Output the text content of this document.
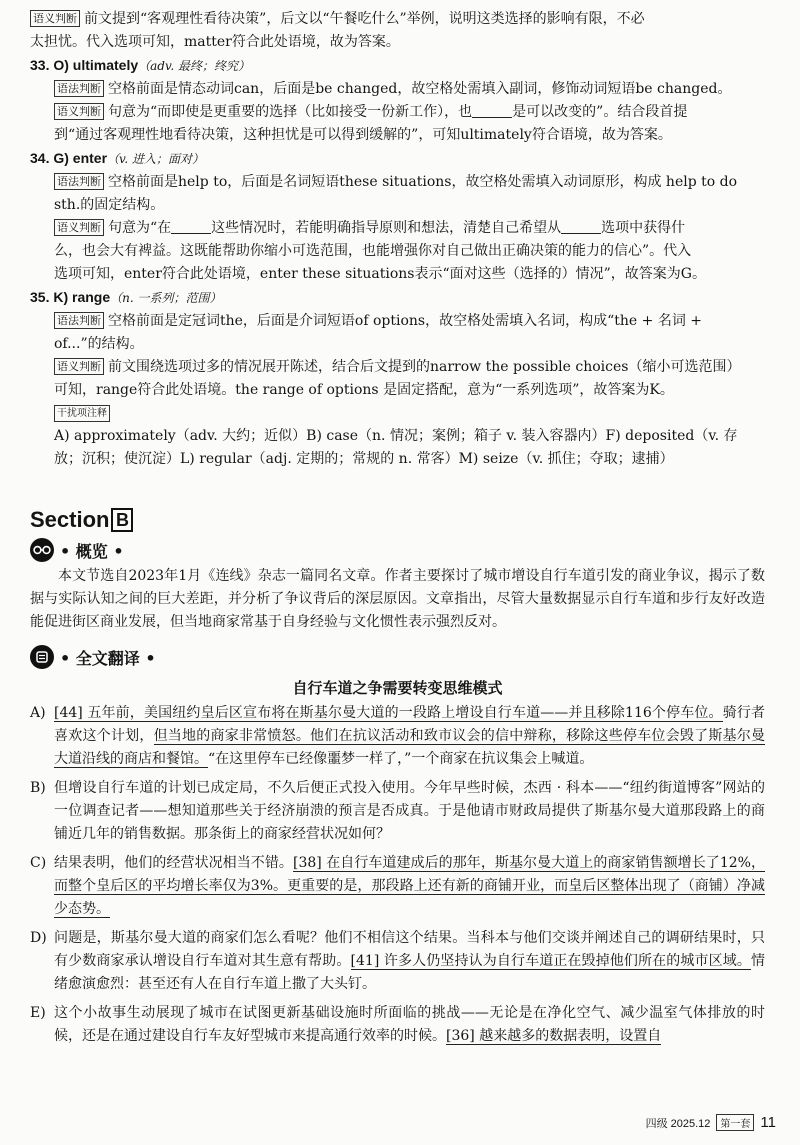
语义判断 前文提到“客观理性看待决策”，后文以“午餐吃什么”举例，说明这类选择的影响有限，不必
太担忧。代入选项可知，matter符合此处语境，故为答案。
33. O) ultimately（adv. 最终；终究）
语法判断 空格前面是情态动词can，后面是be changed，故空格处需填入副词，修饰动词短语be changed。
语义判断 句意为“而即使是更重要的选择（比如接受一份新工作），也	是可以改变的”。结合段首提
到“通过客观理性地看待决策，这种担忧是可以得到缓解的”，可知ultimately符合语境，故为答案。
34. G) enter（v. 进入；面对）
语法判断 空格前面是help to，后面是名词短语these situations，故空格处需填入动词原形，构成 help to do
sth.的固定结构。
语义判断 句意为“在	这些情况时，若能明确指导原则和想法，清楚自己希望从	选项中获得什
么，也会大有裨益。这既能帮助你缩小可选范围，也能增强你对自己做出正确决策的能力的信心”。代入
选项可知，enter符合此处语境，enter these situations表示“面对这些（选择的）情况”，故答案为G。
35. K) range（n. 一系列；范围）
语法判断 空格前面是定冠词the，后面是介词短语of options，故空格处需填入名词，构成“the + 名词 +
of...”的结构。
语义判断 前文围绕选项过多的情况展开陈述，结合后文提到的narrow the possible choices（缩小可选范围）
可知，range符合此处语境。the range of options 是固定搭配，意为“一系列选项”，故答案为K。
干扰项注释
A) approximately（adv. 大约；近似）B) case（n. 情况；案例；箱子 v. 装入容器内）F) deposited（v. 存
放；沉积；使沉淀）L) regular（adj. 定期的；常规的 n. 常客）M) seize（v. 抓住；夺取；逮捕）
Section B
• 概览 •
本文节选自2023年1月《连线》杂志一篇同名文章。作者主要探讨了城市增设自行车道引发的商业争议，揭示了数据与实际认知之间的巨大差距，并分析了争议背后的深层原因。文章指出，尽管大量数据显示自行车道和步行友好改造能促进街区商业发展，但当地商家常基于自身经验与文化惯性表示强烈反对。
• 全文翻译 •
自行车道之争需要转变思维模式
A) [44] 五年前，美国纽约皇后区宣布将在斯基尔曼大道的一段路上增设自行车道——并且移除116个停车位。骑行者喜欢这个计划，但当地的商家非常愤怒。他们在抗议活动和致市议会的信中辩称，移除这些停车位会毁了斯基尔曼大道沿线的商店和餐馆。“在这里停车已经像噩梦一样了，”一个商家在抗议集会上喊道。
B) 但增设自行车道的计划已成定局，不久后便正式投入使用。今年早些时候，杰西 · 科本——“纽约街道博客”网站的一位调查记者——想知道那些关于经济崩溃的预言是否成真。于是他请市财政局提供了斯基尔曼大道那段路上的商铺近几年的销售数据。那条街上的商家经营状况如何？
C) 结果表明，他们的经营状况相当不错。[38] 在自行车道建成后的那年，斯基尔曼大道上的商家销售额增长了12%，而整个皇后区的平均增长率仅为3%。更重要的是，那段路上还有新的商铺开业，而皇后区整体出现了（商铺）净减少态势。
D) 问题是，斯基尔曼大道的商家们怎么看呢？他们不相信这个结果。当科本与他们交谈并阐述自己的调研结果时，只有少数商家承认增设自行车道对其生意有帮助。[41] 许多人仍坚持认为自行车道正在毁掉他们所在的城市区域。情绪愈演愈烈：甚至还有人在自行车道上撒了大头钉。
E) 这个小故事生动展现了城市在试图更新基础设施时所面临的挑战——无论是在净化空气、减少温室气体排放的时候，还是在通过建设自行车友好型城市来提高通行效率的时候。[36] 越来越多的数据表明，设置自
四级 2025.12	第一套 11
